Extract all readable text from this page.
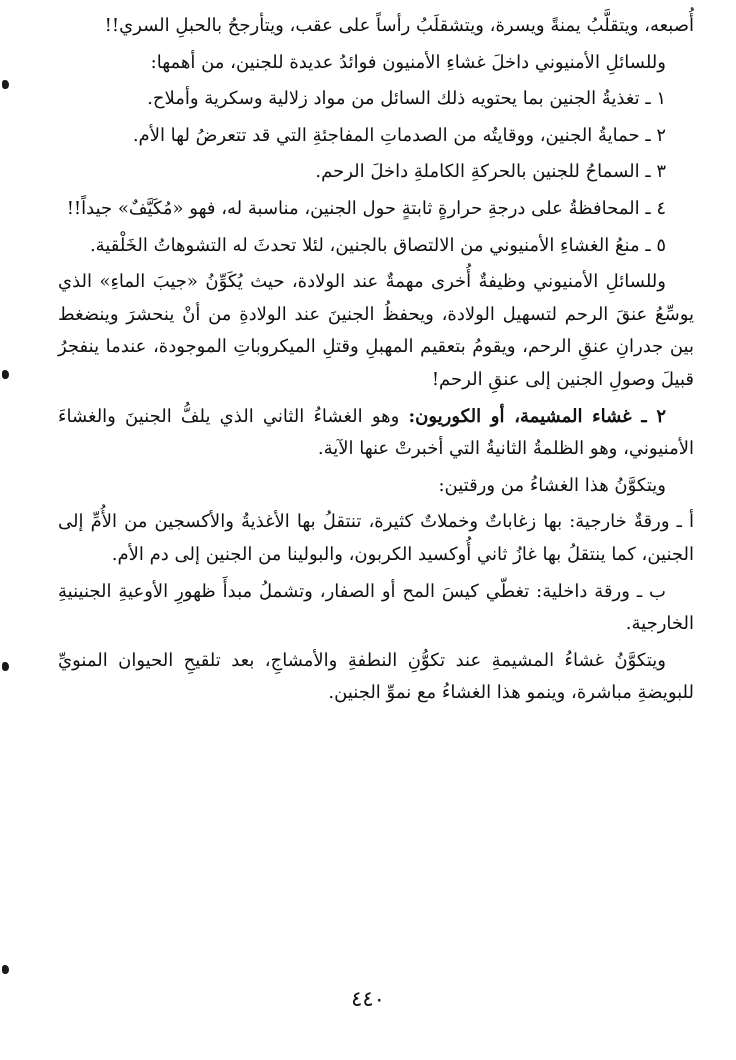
أُصبعه، ويتقلَّبُ يمنةً ويسرة، ويتشقلَبُ رأساً على عقب، ويتأرجحُ بالحبلِ السري!!

وللسائلِ الأمنيوني داخلَ غشاءِ الأمنيون فوائدُ عديدة للجنين، من أهمها:

١ ـ تغذيةُ الجنين بما يحتويه ذلك السائل من مواد زلالية وسكرية وأملاح.

٢ ـ حمايةُ الجنين، ووقايتُه من الصدماتِ المفاجئةِ التي قد تتعرضُ لها الأم.

٣ ـ السماحُ للجنين بالحركةِ الكاملةِ داخلَ الرحم.

٤ ـ المحافظةُ على درجةِ حرارةٍ ثابتةٍ حول الجنين، مناسبة له، فهو «مُكَيَّفٌ» جيداً!!

٥ ـ منعُ الغشاءِ الأمنيوني من الالتصاق بالجنين، لئلا تحدثَ له التشوهاتُ الخَلْقية.

وللسائلِ الأمنيوني وظيفةٌ أُخرى مهمةٌ عند الولادة، حيث يُكَوِّنُ «جيبَ الماءِ» الذي يوسِّعُ عنقَ الرحم لتسهيل الولادة، ويحفظُ الجنينَ عند الولادةِ من أنْ ينحشرَ وينضغط بين جدرانِ عنقِ الرحم، ويقومُ بتعقيم المهبلِ وقتلِ الميكروباتِ الموجودة، عندما ينفجرُ قبيلَ وصولِ الجنين إلى عنقِ الرحم!

٢ ـ غشاء المشيمة، أو الكوريون: وهو الغشاءُ الثاني الذي يلفُّ الجنينَ والغشاءَ الأمنيوني، وهو الظلمةُ الثانيةُ التي أخبرتْ عنها الآية.

ويتكوَّنُ هذا الغشاءُ من ورقتين:

أ ـ ورقةٌ خارجية: بها زغاباتٌ وخملاتٌ كثيرة، تنتقلُ بها الأغذيةُ والأكسجين من الأُمِّ إلى الجنين، كما ينتقلُ بها غازُ ثاني أُوكسيد الكربون، والبولينا من الجنين إلى دم الأم.

ب ـ ورقة داخلية: تغطّي كيسَ المح أو الصفار، وتشملُ مبدأَ ظهورِ الأوعيةِ الجنينيةِ الخارجية.

ويتكوَّنُ غشاءُ المشيمةِ عند تكوُّنِ النطفةِ والأمشاجِ، بعد تلقيحِ الحيوان المنويِّ للبويضةِ مباشرة، وينمو هذا الغشاءُ مع نموِّ الجنين.

٤٤٠
